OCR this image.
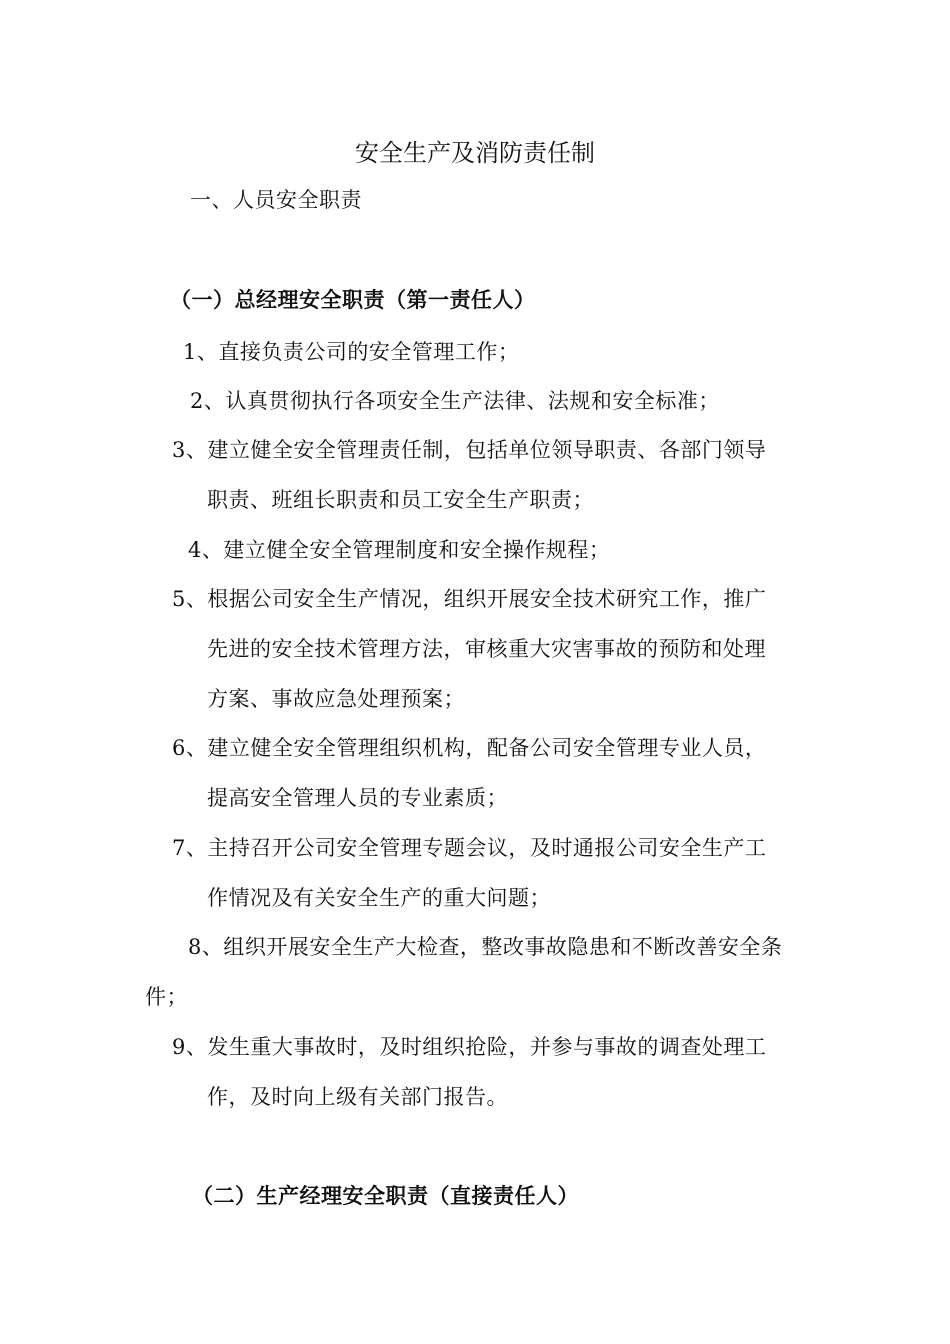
安全生产及消防责任制
一、人员安全职责
（一）总经理安全职责（第一责任人）
1、直接负责公司的安全管理工作；
2、认真贯彻执行各项安全生产法律、法规和安全标准；
3、建立健全安全管理责任制，包括单位领导职责、各部门领导
职责、班组长职责和员工安全生产职责；
4、建立健全安全管理制度和安全操作规程；
5、根据公司安全生产情况，组织开展安全技术研究工作，推广
先进的安全技术管理方法，审核重大灾害事故的预防和处理
方案、事故应急处理预案；
6、建立健全安全管理组织机构，配备公司安全管理专业人员，
提高安全管理人员的专业素质；
7、主持召开公司安全管理专题会议，及时通报公司安全生产工
作情况及有关安全生产的重大问题；
8、组织开展安全生产大检查，整改事故隐患和不断改善安全条
件；
9、发生重大事故时，及时组织抢险，并参与事故的调查处理工
作，及时向上级有关部门报告。
（二）生产经理安全职责（直接责任人）
